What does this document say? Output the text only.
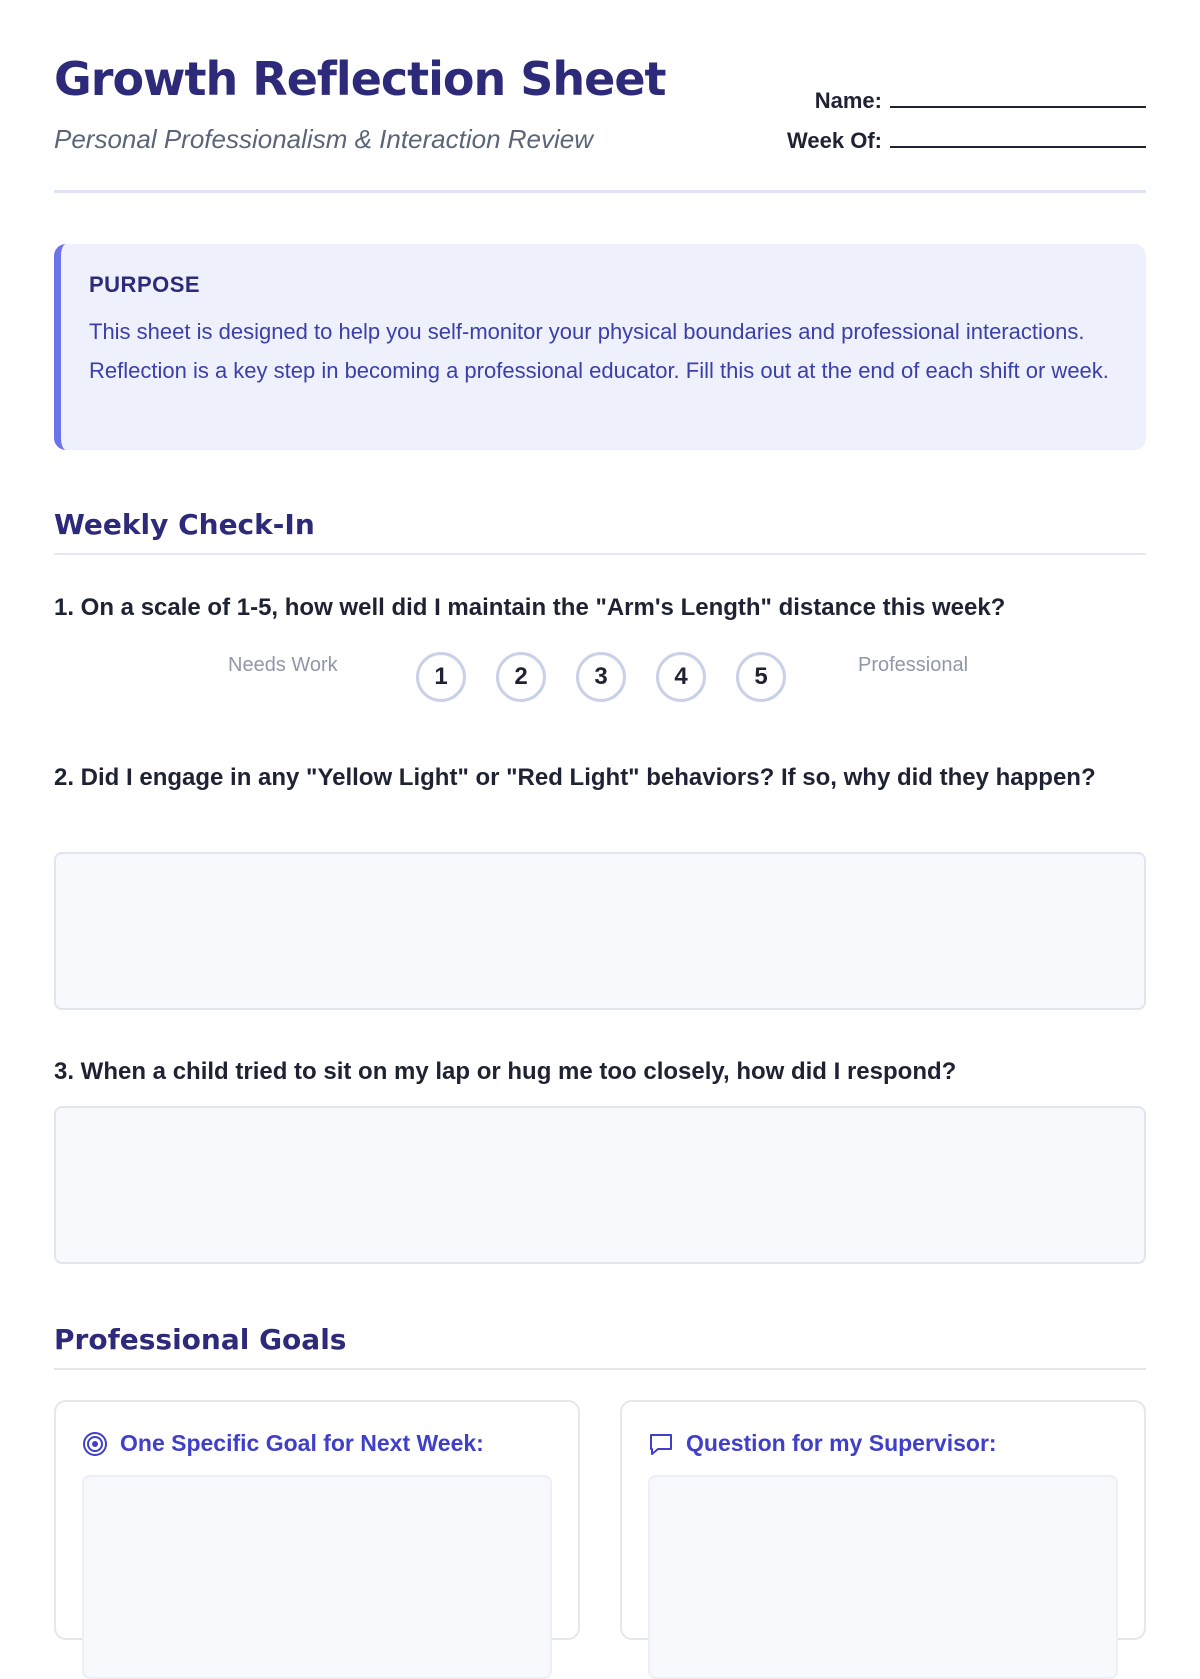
Growth Reflection Sheet

Personal Professionalism & Interaction Review

Name:
Week Of:
PURPOSE
This sheet is designed to help you self-monitor your physical boundaries and professional interactions. Reflection is a key step in becoming a professional educator. Fill this out at the end of each shift or week.
Weekly Check-In

1. On a scale of 1-5, how well did I maintain the "Arm's Length" distance this week?

Needs Work	1	2	3	4	5	Professional

2. Did I engage in any "Yellow Light" or "Red Light" behaviors? If so, why did they happen?

3. When a child tried to sit on my lap or hug me too closely, how did I respond?

Professional Goals
One Specific Goal for Next Week:	Question for my Supervisor:
